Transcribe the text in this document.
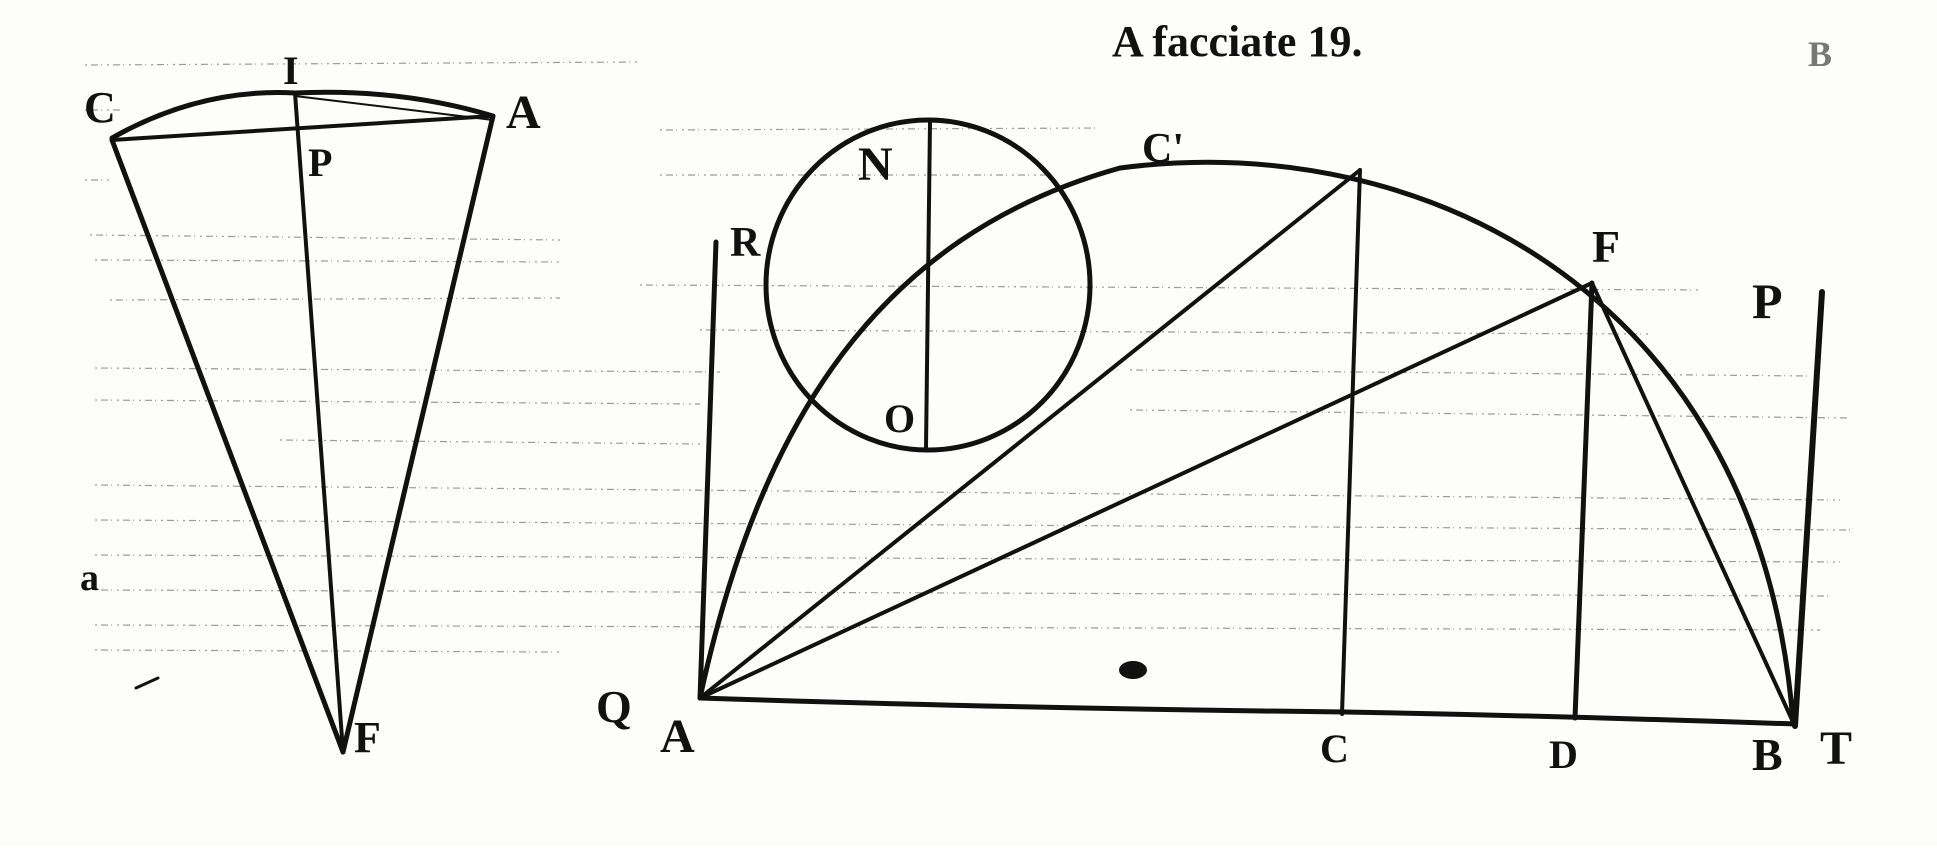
C
I
A
P
F
a
C'
N
O
R	F
P
Q
A	C	D	B T
A facciate 19.	B
